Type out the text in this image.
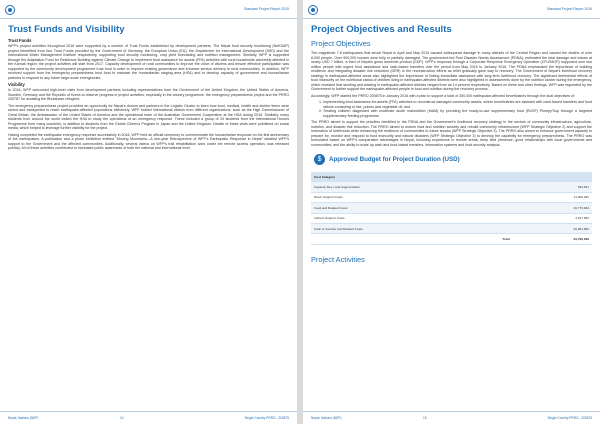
Standard Project Report 2015
Trust Funds and Visibility
Trust Funds

WFP's project activities throughout 2016 were supported by a number of Trust Funds established by development partners. The Nepal food security monitoring (NeKSAP) project benefitted from four Trust Funds provided by the Government of Germany, the European Union (EU), the Department for International Development (DfID) and the International Water Management Institute respectively, supporting food security monitoring, crop yield forecasting and nutrition management. Similarly, WFP is supported through the Adaptation Fund for Resilience Building against Climate Change to implement food assistance for assets (FFA) activities with rural households adversely affected in the Karnali region; the project activities will start from 2017. Capacity development of rural communities to improve the voice of citizens and ensure effective participation was supported by the community development programme trust fund in order to improve existing governance and enhance service delivery to rural communities. In addition, WFP received support from the emergency preparedness trust fund to maintain the humanitarian staging area (HSA) and to develop capacity of government and humanitarian partners to respond to any future large-scale emergencies.

Visibility

In 2016, WFP welcomed high-level visits from development partners including representatives from the Government of the United Kingdom, the United States of America, Sweden, Germany and the Republic of Korea to observe progress in project activities, especially in the country programme, the emergency preparedness project and the PRRO 200787 for assisting the Bhutanese refugees.

The emergency preparedness project provided an opportunity for Nepal's donors and partners in the Logistic Cluster to learn how food, medical, health and shelter items were stored and transported to reach earthquake-affected populations effectively. WFP hosted international visitors from different organizations, such as the High Commissioner of Great Britain, the Ambassador of the United States of America and the operational team of the Australian Government Cooperation at the HSA during 2016. Similarly, many students from around the world visited the HSA to study the operations of an emergency response. These included a group of 20 students from the International Honors Programme from many countries, in addition to students from the Global Citizen's Program in Japan and the United Kingdom. Details of these visits were published on social media, which helped to leverage further visibility for the project.

Having completed the earthquake emergency response successfully in 2016, WFP held an official ceremony to commemorate the humanitarian response on the first anniversary of the earthquakes. A publication and a photo exhibition entitled "Moving Mountains—A one-year Retrospective of WFP's Earthquake Response in Nepal" detailed WFP's support to the Government and the affected communities. Additionally, several videos on WFP's trail rehabilitation work under the remote access operation, was released publicly. All of these activities contributed to increased public awareness of both the national and international level.

Nepal, Nations (NEP)	14	Single Country PRRO - 200875
Standard Project Report 2015
Project Objectives and Results
Project Objectives

The magnitude 7.8 earthquakes that struck Nepal in April and May 2015 caused widespread damage in many districts of the Central Region and caused the deaths of over 8,000 people. Over 900,000 houses were fully or partially damaged. The government-led Post Disaster Needs Assessment (PDNA), estimated the total damage and losses at nearly USD 7 billion, a third of Nepal's gross domestic product (GDP). WFP's response through a Corporate Response Emergency Operation (CR-EMOP) supported over two million people with urgent food assistance and cash-based transfers over the period from May 2015 to January 2016. The PDNA emphasised the importance of building resilience and integrating disaster risk reduction (DRR) in the reconstruction efforts as relief gradually gave way to recovery. The Government of Nepal's livelihood recovery strategy in earthquake-affected areas also highlighted the importance of linking immediate assistance with long-term livelihood recovery. The significant detrimental effects of food insecurity on the nutritional status of children living in earthquake-affected districts were also highlighted in assessments done by the nutrition cluster during the emergency, which revealed that stunting and wasting in earthquake-affected districts ranged from as 14 percent respectively. Based on these and other findings, WFP was requested by the Government to further support the earthquake-affected people in food and nutrition during the recovery process.

Accordingly, WFP started the PRRO 200875 in January 2016 with a plan to support a total of 350,000 earthquake-affected beneficiaries through the dual objectives of:

1. Implementing food assistance-for-assets (FFA) activities to reconstruct damaged community assets, where beneficiaries are assisted with cash-based transfers and food rations consisting of rice, pulses and vegetable oil; and
2. Treating children diagnosed with moderate acute malnutrition (MAM) by providing the ready-to-use supplementary food (RUSF) Plumpy'Sup through a targeted supplementary feeding programme.

The PRRO aimed to support the priorities identified in the PDNA and the Government's livelihood recovery strategy in the sectors of community infrastructure, agriculture, nutrition, and disaster risk reduction. The PRRO aimed to restore food and nutrition security and rebuild community infrastructure (WFP Strategic Objective 2) and support the restoration of livelihoods while enhancing the resilience of communities to future shocks (WFP Strategic Objective 3). The PRRO also aimed to enhance government capacity to prepare for, monitor and respond to food insecurity and natural disasters (WFP Strategic Objective 3) to develop the capability for emergency preparedness. The PRRO was formulated based on WFP's comparative advantages in Nepal, including experience in remote areas; deep field presence; good relationships with local governments and communities; and the ability to scale up cash and food-based transfers, information systems and food security analysis.

$	Approved Budget for Project Duration (USD)
Cost Category	
Capacity Dev t and Augmentation	524,921
Direct Support Costs	11,009,292
Food and Related Costs	16,774,934
Indirect Support Costs	4,167,652
Cash & Voucher and Related Costs	26,051,860
Total	63,796,948
Project Activities
Nepal, Nations (NEP)	15	Single Country PRRO - 200875
